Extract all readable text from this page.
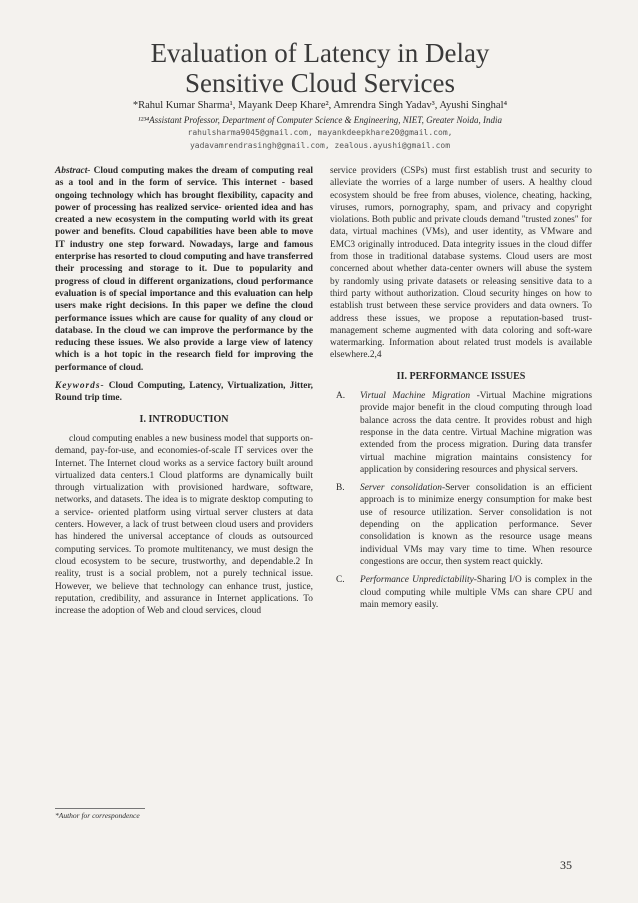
Evaluation of Latency in Delay
Sensitive Cloud Services
*Rahul Kumar Sharma¹, Mayank Deep Khare², Amrendra Singh Yadav³, Ayushi Singhal⁴
¹²³⁴Assistant Professor, Department of Computer Science & Engineering, NIET, Greater Noida, India
rahulsharma9045@gmail.com, mayankdeepkhare20@gmail.com,
yadavamrendrasingh@gmail.com, zealous.ayushi@gmail.com

Abstract- Cloud computing makes the dream of computing real as a tool and in the form of service. This internet - based ongoing technology which has brought flexibility, capacity and power of processing has realized service- oriented idea and has created a new ecosystem in the computing world with its great power and benefits. Cloud capabilities have been able to move IT industry one step forward. Nowadays, large and famous enterprise has resorted to cloud computing and have transferred their processing and storage to it. Due to popularity and progress of cloud in different organizations, cloud performance evaluation is of special importance and this evaluation can help users make right decisions. In this paper we define the cloud performance issues which are cause for quality of any cloud or database. In the cloud we can improve the performance by the reducing these issues. We also provide a large view of latency which is a hot topic in the research field for improving the performance of cloud.

Keywords- Cloud Computing, Latency, Virtualization, Jitter, Round trip time.

I. INTRODUCTION

cloud computing enables a new business model that supports on-demand, pay-for-use, and economies-of-scale IT services over the Internet. The Internet cloud works as a service factory built around virtualized data centers.1 Cloud platforms are dynamically built through virtualization with provisioned hardware, software, networks, and datasets. The idea is to migrate desktop computing to a service- oriented platform using virtual server clusters at data centers. However, a lack of trust between cloud users and providers has hindered the universal acceptance of clouds as outsourced computing services. To promote multitenancy, we must design the cloud ecosystem to be secure, trustworthy, and dependable.2 In reality, trust is a social problem, not a purely technical issue. However, we believe that technology can enhance trust, justice, reputation, credibility, and assurance in Internet applications. To increase the adoption of Web and cloud services, cloud

service providers (CSPs) must first establish trust and security to alleviate the worries of a large number of users. A healthy cloud ecosystem should be free from abuses, violence, cheating, hacking, viruses, rumors, pornography, spam, and privacy and copyright violations. Both public and private clouds demand "trusted zones" for data, virtual machines (VMs), and user identity, as VMware and EMC3 originally introduced. Data integrity issues in the cloud differ from those in traditional database systems. Cloud users are most concerned about whether data-center owners will abuse the system by randomly using private datasets or releasing sensitive data to a third party without authorization. Cloud security hinges on how to establish trust between these service providers and data owners. To address these issues, we propose a reputation-based trust-management scheme augmented with data coloring and soft-ware watermarking. Information about related trust models is available elsewhere.2,4

II. PERFORMANCE ISSUES
A.	Virtual Machine Migration -Virtual Machine migrations provide major benefit in the cloud computing through load balance across the data centre. It provides robust and high response in the data centre. Virtual Machine migration was extended from the process migration. During data transfer virtual machine migration maintains consistency for application by considering resources and physical servers.
B.	Server consolidation-Server consolidation is an efficient approach is to minimize energy consumption for make best use of resource utilization. Server consolidation is not depending on the application performance. Sever consolidation is known as the resource usage means individual VMs may vary time to time. When resource congestions are occur, then system react quickly.
C.	Performance Unpredictability-Sharing I/O is complex in the cloud computing while multiple VMs can share CPU and main memory easily.
*Author for correspondence
35
